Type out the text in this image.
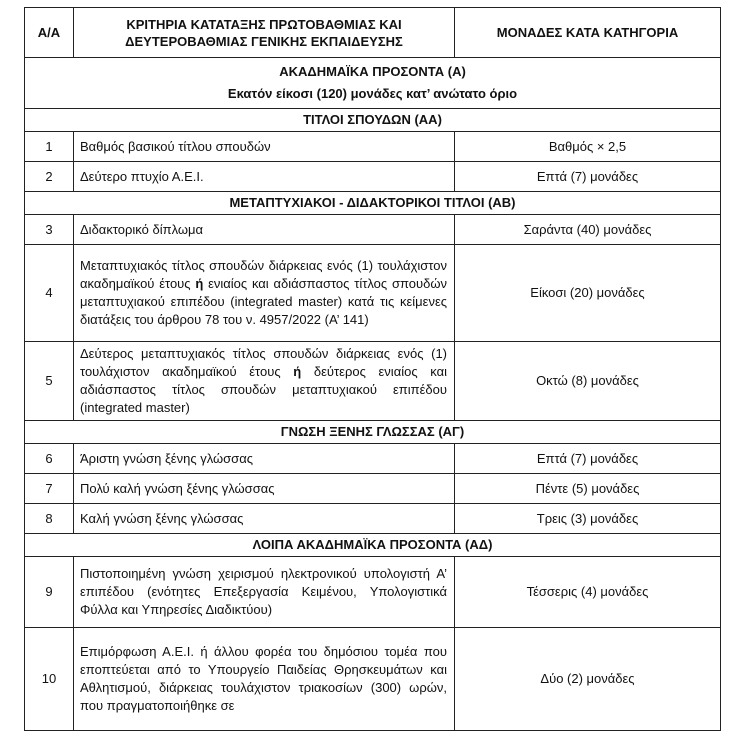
Α/Α	ΚΡΙΤΗΡΙΑ ΚΑΤΑΤΑΞΗΣ ΠΡΩΤΟΒΑΘΜΙΑΣ ΚΑΙ
ΔΕΥΤΕΡΟΒΑΘΜΙΑΣ ΓΕΝΙΚΗΣ ΕΚΠΑΙΔΕΥΣΗΣ	ΜΟΝΑΔΕΣ ΚΑΤΑ ΚΑΤΗΓΟΡΙΑ

ΑΚΑΔΗΜΑΪΚΑ ΠΡΟΣΟΝΤΑ (Α)
Εκατόν είκοσι (120) μονάδες κατ’ ανώτατο όριο		

ΤΙΤΛΟΙ ΣΠΟΥΔΩΝ (ΑΑ)		
1	Βαθμός βασικού τίτλου σπουδών	Βαθμός × 2,5
2	Δεύτερο πτυχίο Α.Ε.Ι.	Επτά (7) μονάδες
ΜΕΤΑΠΤΥΧΙΑΚΟΙ - ΔΙΔΑΚΤΟΡΙΚΟΙ ΤΙΤΛΟΙ (ΑΒ)		
3	Διδακτορικό δίπλωμα	Σαράντα (40) μονάδες
4	Μεταπτυχιακός τίτλος σπουδών διάρκειας ενός (1) τουλάχιστον ακαδημαϊκού έτους ή ενιαίος και αδιάσπαστος τίτλος σπουδών μεταπτυχιακού επιπέδου (integrated master) κατά τις κείμενες διατάξεις του άρθρου 78 του ν. 4957/2022 (Α’ 141)	Είκοσι (20) μονάδες
5	Δεύτερος μεταπτυχιακός τίτλος σπουδών διάρκειας ενός (1) τουλάχιστον ακαδημαϊκού έτους ή δεύτερος ενιαίος και αδιάσπαστος τίτλος σπουδών μεταπτυχιακού επιπέδου (integrated master)	Οκτώ (8) μονάδες
ΓΝΩΣΗ ΞΕΝΗΣ ΓΛΩΣΣΑΣ (ΑΓ)		
6	Άριστη γνώση ξένης γλώσσας	Επτά (7) μονάδες
7	Πολύ καλή γνώση ξένης γλώσσας	Πέντε (5) μονάδες
8	Καλή γνώση ξένης γλώσσας	Τρεις (3) μονάδες
ΛΟΙΠΑ ΑΚΑΔΗΜΑΪΚΑ ΠΡΟΣΟΝΤΑ (ΑΔ)		
9	Πιστοποιημένη γνώση χειρισμού ηλεκτρονικού υπολογιστή Α’ επιπέδου (ενότητες Επεξεργασία Κειμένου, Υπολογιστικά Φύλλα και Υπηρεσίες Διαδικτύου)	Τέσσερις (4) μονάδες
10	Επιμόρφωση Α.Ε.Ι. ή άλλου φορέα του δημόσιου τομέα που εποπτεύεται από το Υπουργείο Παιδείας Θρησκευμάτων και Αθλητισμού, διάρκειας τουλάχιστον τριακοσίων (300) ωρών, που πραγματοποιήθηκε σε	Δύο (2) μονάδες
